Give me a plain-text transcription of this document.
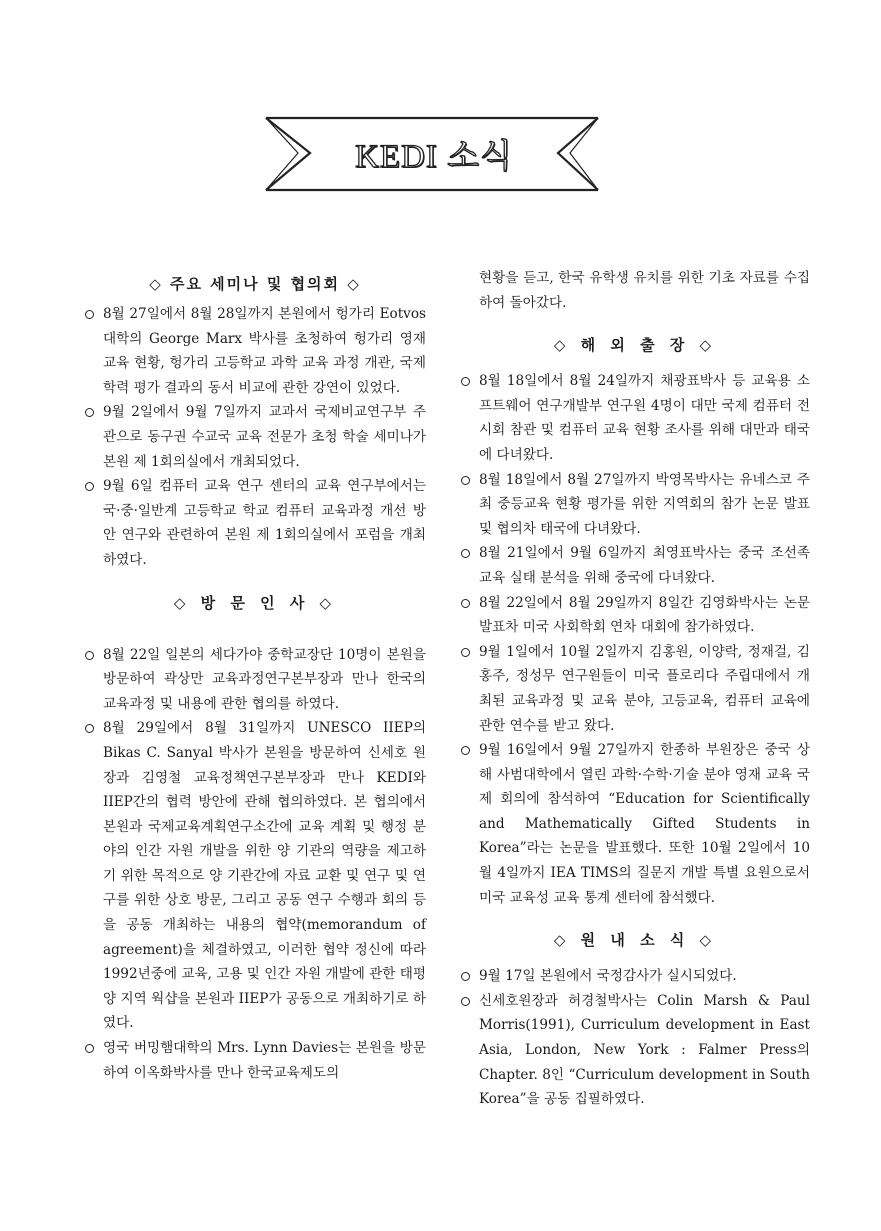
KEDI 소식
◇ 주요 세미나 및 협의회 ◇

8월 27일에서 8월 28일까지 본원에서 헝가리 Eotvos대학의 George Marx 박사를 초청하여 헝가리 영재 교육 현황, 헝가리 고등학교 과학 교육 과정 개관, 국제 학력 평가 결과의 동서 비교에 관한 강연이 있었다.

9월 2일에서 9월 7일까지 교과서 국제비교연구부 주관으로 동구권 수교국 교육 전문가 초청 학술 세미나가 본원 제 1회의실에서 개최되었다.

9월 6일 컴퓨터 교육 연구 센터의 교육 연구부에서는 국·중·일반계 고등학교 학교 컴퓨터 교육과정 개선 방안 연구와 관련하여 본원 제 1회의실에서 포럼을 개최하였다.

◇ 방 문 인 사 ◇

8월 22일 일본의 세다가야 중학교장단 10명이 본원을 방문하여 곽상만 교육과정연구본부장과 만나 한국의 교육과정 및 내용에 관한 협의를 하였다.

8월 29일에서 8월 31일까지 UNESCO IIEP의 Bikas C. Sanyal 박사가 본원을 방문하여 신세호 원장과 김영철 교육정책연구본부장과 만나 KEDI와 IIEP간의 협력 방안에 관해 협의하였다. 본 협의에서 본원과 국제교육계획연구소간에 교육 계획 및 행정 분야의 인간 자원 개발을 위한 양 기관의 역량을 제고하기 위한 목적으로 양 기관간에 자료 교환 및 연구 및 연구를 위한 상호 방문, 그리고 공동 연구 수행과 회의 등을 공동 개최하는 내용의 협약(memorandum of agreement)을 체결하였고, 이러한 협약 정신에 따라 1992년중에 교육, 고용 및 인간 자원 개발에 관한 태평양 지역 웍샵을 본원과 IIEP가 공동으로 개최하기로 하였다.

영국 버밍햄대학의 Mrs. Lynn Davies는 본원을 방문하여 이옥화박사를 만나 한국교육제도의

현황을 듣고, 한국 유학생 유치를 위한 기초 자료를 수집하여 돌아갔다.

◇ 해 외 출 장 ◇

8월 18일에서 8월 24일까지 채광표박사 등 교육용 소프트웨어 연구개발부 연구원 4명이 대만 국제 컴퓨터 전시회 참관 및 컴퓨터 교육 현황 조사를 위해 대만과 태국에 다녀왔다.

8월 18일에서 8월 27일까지 박영목박사는 유네스코 주최 중등교육 현황 평가를 위한 지역회의 참가 논문 발표 및 협의차 태국에 다녀왔다.

8월 21일에서 9월 6일까지 최영표박사는 중국 조선족 교육 실태 분석을 위해 중국에 다녀왔다.

8월 22일에서 8월 29일까지 8일간 김영화박사는 논문 발표차 미국 사회학회 연차 대회에 참가하였다.

9월 1일에서 10월 2일까지 김홍원, 이양락, 정재걸, 김홍주, 정성무 연구원들이 미국 플로리다 주립대에서 개최된 교육과정 및 교육 분야, 고등교육, 컴퓨터 교육에 관한 연수를 받고 왔다.

9월 16일에서 9월 27일까지 한종하 부원장은 중국 상해 사범대학에서 열린 과학·수학·기술 분야 영재 교육 국제 회의에 참석하여 “Education for Scientifically and Mathematically Gifted Students in Korea”라는 논문을 발표했다. 또한 10월 2일에서 10월 4일까지 IEA TIMS의 질문지 개발 특별 요원으로서 미국 교육성 교육 통계 센터에 참석했다.

◇ 원 내 소 식 ◇

9월 17일 본원에서 국정감사가 실시되었다.

신세호원장과 허경철박사는 Colin Marsh & Paul Morris(1991), Curriculum development in East Asia, London, New York : Falmer Press의 Chapter. 8인 “Curriculum development in South Korea”을 공동 집필하였다.
